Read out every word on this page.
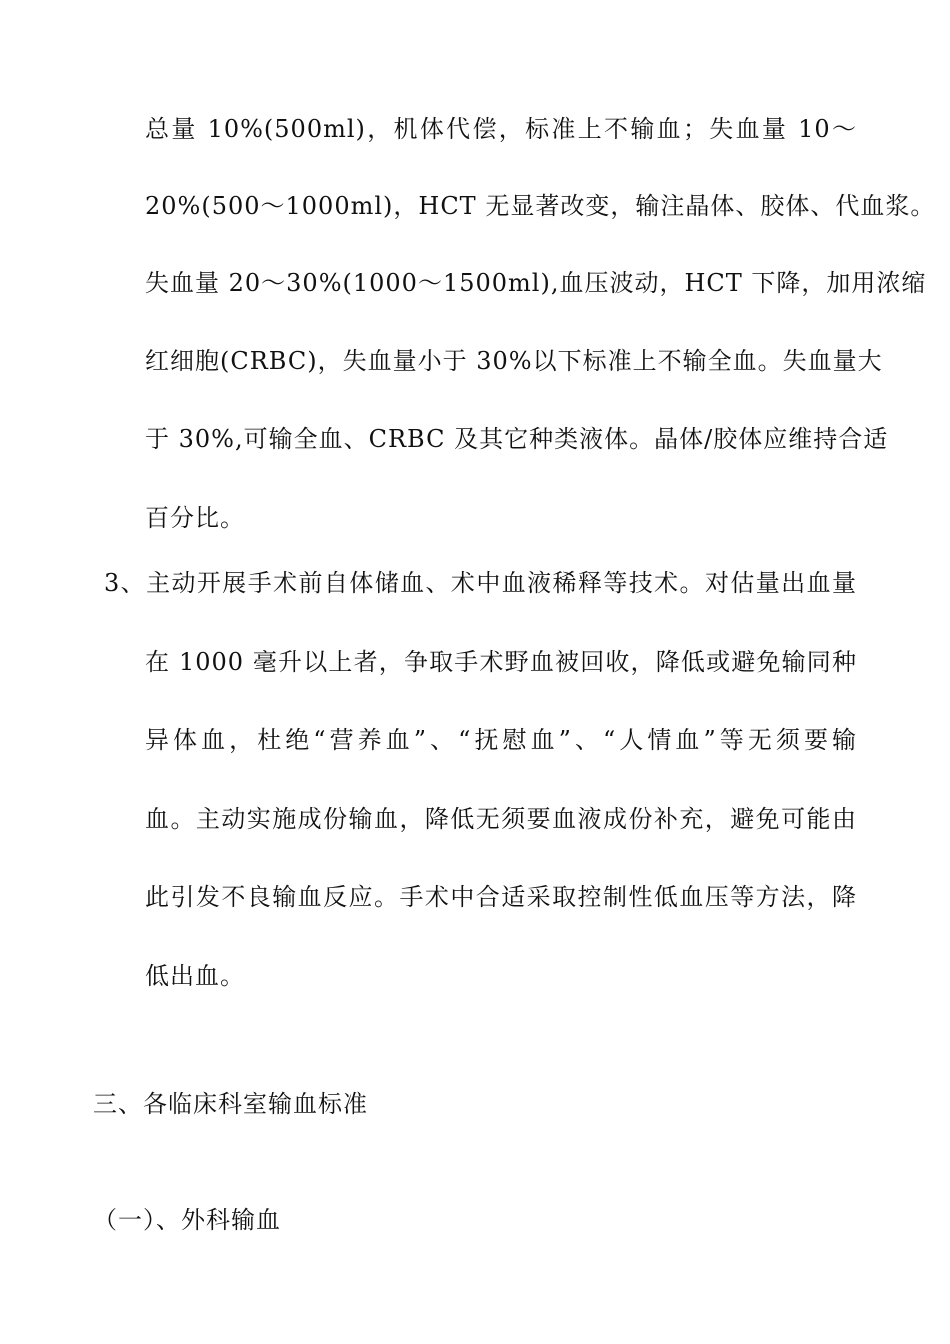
总量 10%(500ml)，机体代偿，标准上不输血；失血量 10～
20%(500～1000ml)，HCT 无显著改变，输注晶体、胶体、代血浆。
失血量 20～30%(1000～1500ml),血压波动，HCT 下降，加用浓缩
红细胞(CRBC)，失血量小于 30%以下标准上不输全血。失血量大
于 30%,可输全血、CRBC 及其它种类液体。晶体/胶体应维持合适
百分比。
3、主动开展手术前自体储血、术中血液稀释等技术。对估量出血量
在 1000 毫升以上者，争取手术野血被回收，降低或避免输同种
异体血，杜绝“营养血”、“抚慰血”、“人情血”等无须要输
血。主动实施成份输血，降低无须要血液成份补充，避免可能由
此引发不良输血反应。手术中合适采取控制性低血压等方法，降
低出血。
三、各临床科室输血标准
（一）、外科输血
